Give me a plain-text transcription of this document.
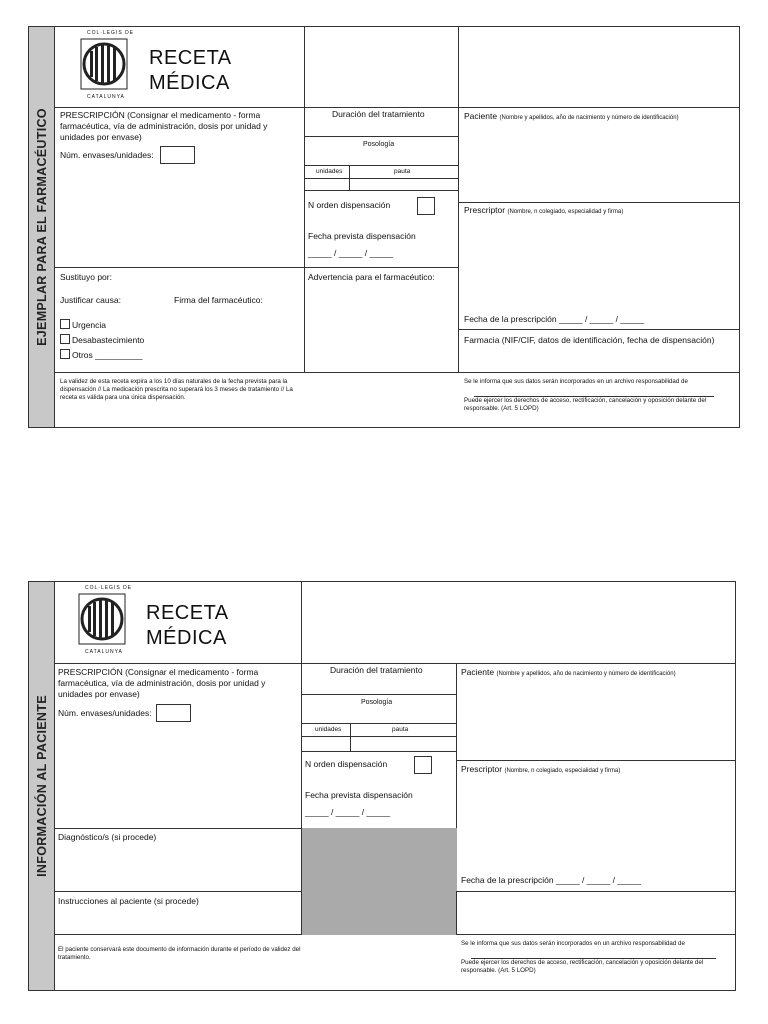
EJEMPLAR PARA EL FARMACÉUTICO
COL·LEGIS DE
CATALUNYA
RECETA
MÉDICA
PRESCRIPCIÓN (Consignar el medicamento - forma farmacéutica, vía de administración, dosis por unidad y unidades por envase)
Núm. envases/unidades:
Duración del tratamiento
Posología
unidades	pauta
N orden dispensación
Fecha prevista dispensación
_____ / _____ / _____
Paciente (Nombre y apellidos, año de nacimiento y número de identificación)
Prescriptor (Nombre, n colegiado, especialidad y firma)
Fecha de la prescripción _____ / _____ / _____
Farmacia (NIF/CIF, datos de identificación, fecha de dispensación)
Sustituyo por:
Justificar causa:	Firma del farmacéutico:
Urgencia
Desabastecimiento
Otros __________
Advertencia para el farmacéutico:
La validez de esta receta expira a los 10 días naturales de la fecha prevista para la dispensación // La medicación prescrita no superará los 3 meses de tratamiento // La receta es válida para una única dispensación.
Se le informa que sus datos serán incorporados en un archivo responsabilidad de
Puede ejercer los derechos de acceso, rectificación, cancelación y oposición delante del responsable. (Art. 5 LOPD)
INFORMACIÓN AL PACIENTE
COL·LEGIS DE
CATALUNYA
RECETA
MÉDICA
PRESCRIPCIÓN (Consignar el medicamento - forma farmacéutica, vía de administración, dosis por unidad y unidades por envase)
Núm. envases/unidades:
Duración del tratamiento
Posología
unidades	pauta
N orden dispensación
Fecha prevista dispensación
_____ / _____ / _____
Paciente (Nombre y apellidos, año de nacimiento y número de identificación)
Prescriptor (Nombre, n colegiado, especialidad y firma)
Fecha de la prescripción _____ / _____ / _____
Diagnóstico/s (si procede)
Instrucciones al paciente (si procede)
El paciente conservará este documento de información durante el período de validez del tratamiento.
Se le informa que sus datos serán incorporados en un archivo responsabilidad de
Puede ejercer los derechos de acceso, rectificación, cancelación y oposición delante del responsable. (Art. 5 LOPD)
